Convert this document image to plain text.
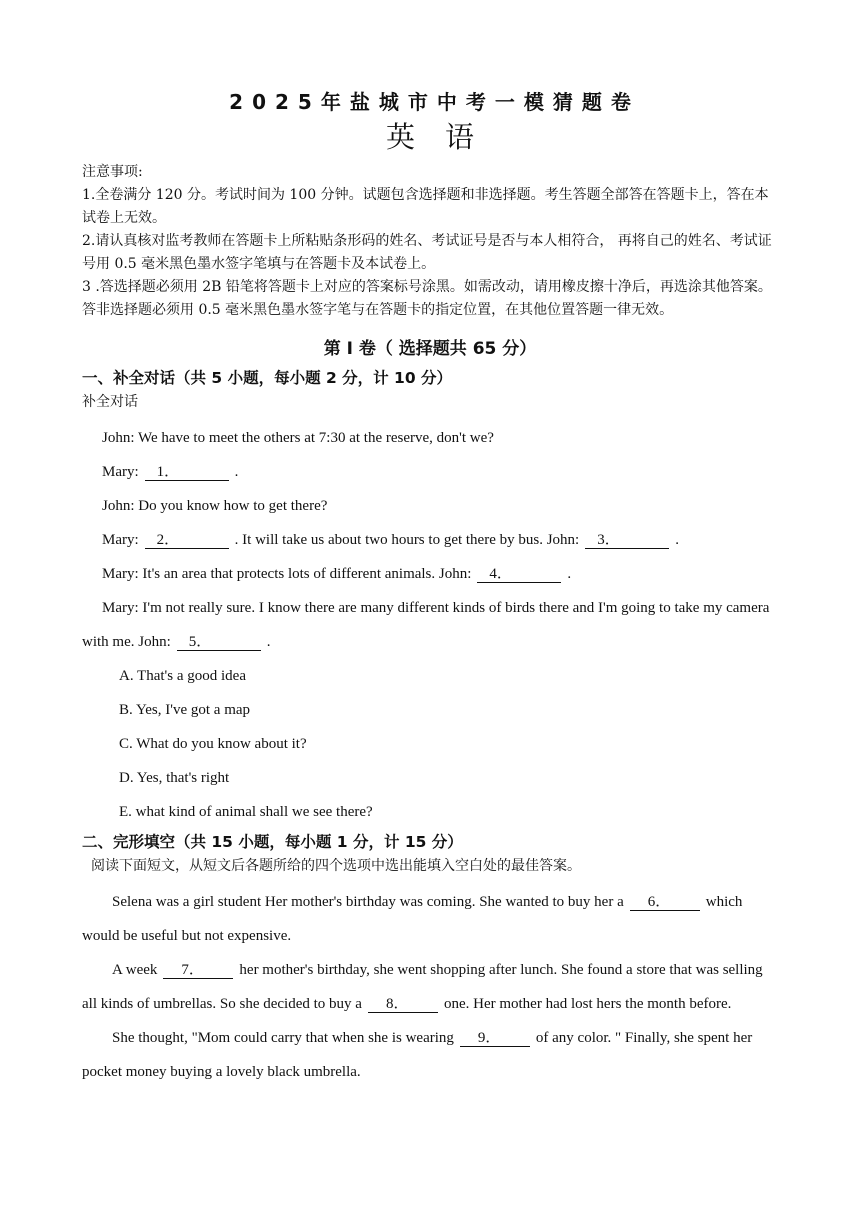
2025年盐城市中考一模猜题卷
英语

注意事项:

1.全卷满分 120 分。考试时间为 100 分钟。试题包含选择题和非选择题。考生答题全部答在答题卡上，答在本试卷上无效。

2.请认真核对监考教师在答题卡上所粘贴条形码的姓名、考试证号是否与本人相符合， 再将自己的姓名、考试证号用 0.5 毫米黑色墨水签字笔填与在答题卡及本试卷上。

3 .答选择题必须用 2B 铅笔将答题卡上对应的答案标号涂黑。如需改动，请用橡皮擦十净后，再选涂其他答案。答非选择题必须用 0.5 毫米黑色墨水签字笔与在答题卡的指定位置，在其他位置答题一律无效。

第 I 卷（ 选择题共 65 分）
一、补全对话（共 5 小题，每小题 2 分，计 10 分）
补全对话

John: We have to meet the others at 7:30 at the reserve, don't we?

Mary: 1．	.

John: Do you know how to get there?

Mary: 2．	. It will take us about two hours to get there by bus. John: 3．	.

Mary: It's an area that protects lots of different animals. John: 4．	.

Mary: I'm not really sure. I know there are many different kinds of birds there and I'm going to take my camera with me. John: 5．	.

A. That's a good idea
B. Yes, I've got a map
C. What do you know about it?
D. Yes, that's right
E. what kind of animal shall we see there?
二、完形填空（共 15 小题，每小题 1 分，计 15 分）
阅读下面短文，从短文后各题所给的四个选项中选出能填入空白处的最佳答案。

Selena was a girl student Her mother's birthday was coming. She wanted to buy her a 6． which would be useful but not expensive.

A week 7． her mother's birthday, she went shopping after lunch. She found a store that was selling all kinds of umbrellas. So she decided to buy a 8． one. Her mother had lost hers the month before.

She thought, "Mom could carry that when she is wearing 9． of any color. " Finally, she spent her pocket money buying a lovely black umbrella.
